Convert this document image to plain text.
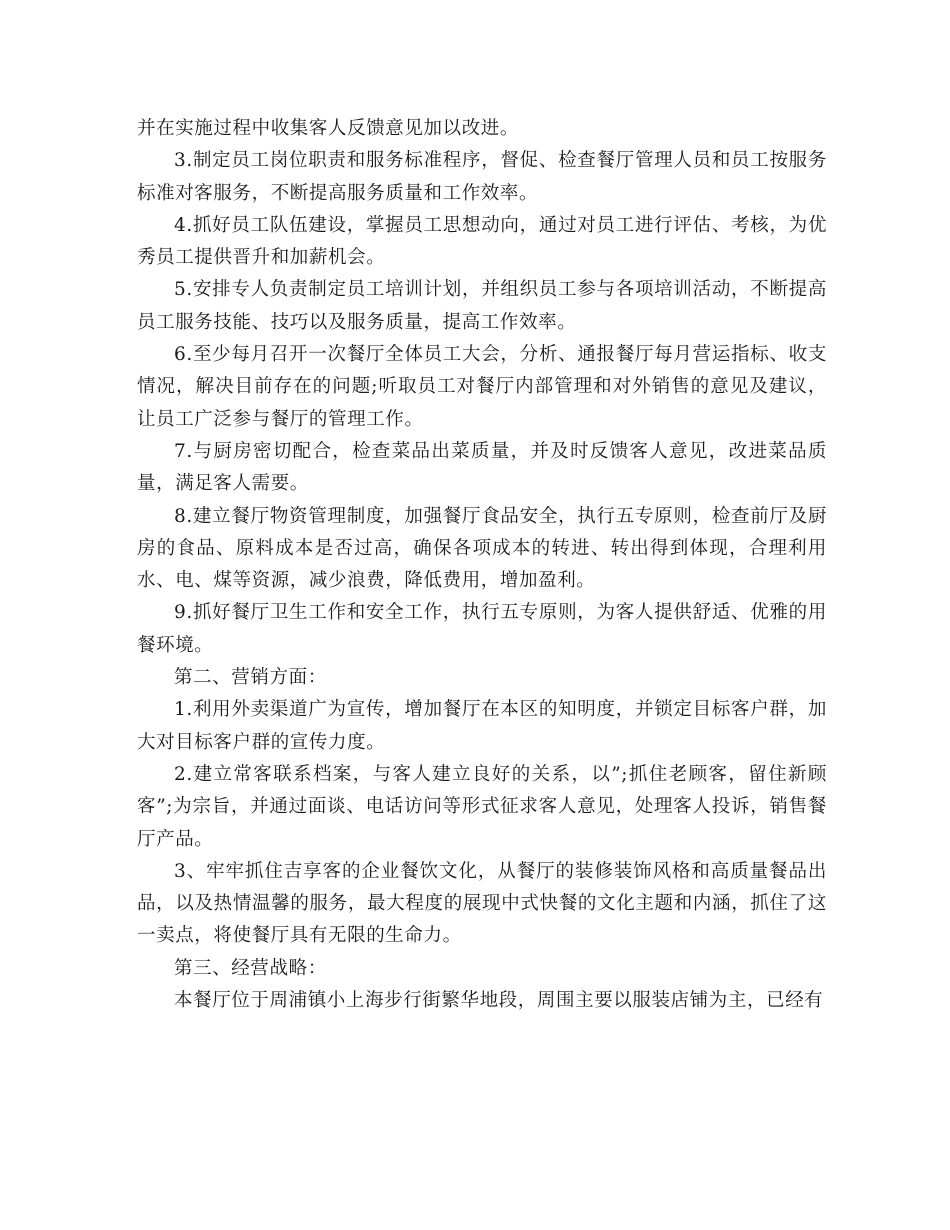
并在实施过程中收集客人反馈意见加以改进。

3.制定员工岗位职责和服务标准程序，督促、检查餐厅管理人员和员工按服务标准对客服务，不断提高服务质量和工作效率。

4.抓好员工队伍建设，掌握员工思想动向，通过对员工进行评估、考核，为优秀员工提供晋升和加薪机会。

5.安排专人负责制定员工培训计划，并组织员工参与各项培训活动，不断提高员工服务技能、技巧以及服务质量，提高工作效率。

6.至少每月召开一次餐厅全体员工大会，分析、通报餐厅每月营运指标、收支情况，解决目前存在的问题;听取员工对餐厅内部管理和对外销售的意见及建议，让员工广泛参与餐厅的管理工作。

7.与厨房密切配合，检查菜品出菜质量，并及时反馈客人意见，改进菜品质量，满足客人需要。

8.建立餐厅物资管理制度，加强餐厅食品安全，执行五专原则，检查前厅及厨房的食品、原料成本是否过高，确保各项成本的转进、转出得到体现，合理利用水、电、煤等资源，减少浪费，降低费用，增加盈利。

9.抓好餐厅卫生工作和安全工作，执行五专原则，为客人提供舒适、优雅的用餐环境。

第二、营销方面：

1.利用外卖渠道广为宣传，增加餐厅在本区的知明度，并锁定目标客户群，加大对目标客户群的宣传力度。

2.建立常客联系档案，与客人建立良好的关系，以”;抓住老顾客，留住新顾客”;为宗旨，并通过面谈、电话访问等形式征求客人意见，处理客人投诉，销售餐厅产品。

3、牢牢抓住吉享客的企业餐饮文化，从餐厅的装修装饰风格和高质量餐品出品，以及热情温馨的服务，最大程度的展现中式快餐的文化主题和内涵，抓住了这一卖点，将使餐厅具有无限的生命力。

第三、经营战略：

本餐厅位于周浦镇小上海步行街繁华地段，周围主要以服装店铺为主，已经有
